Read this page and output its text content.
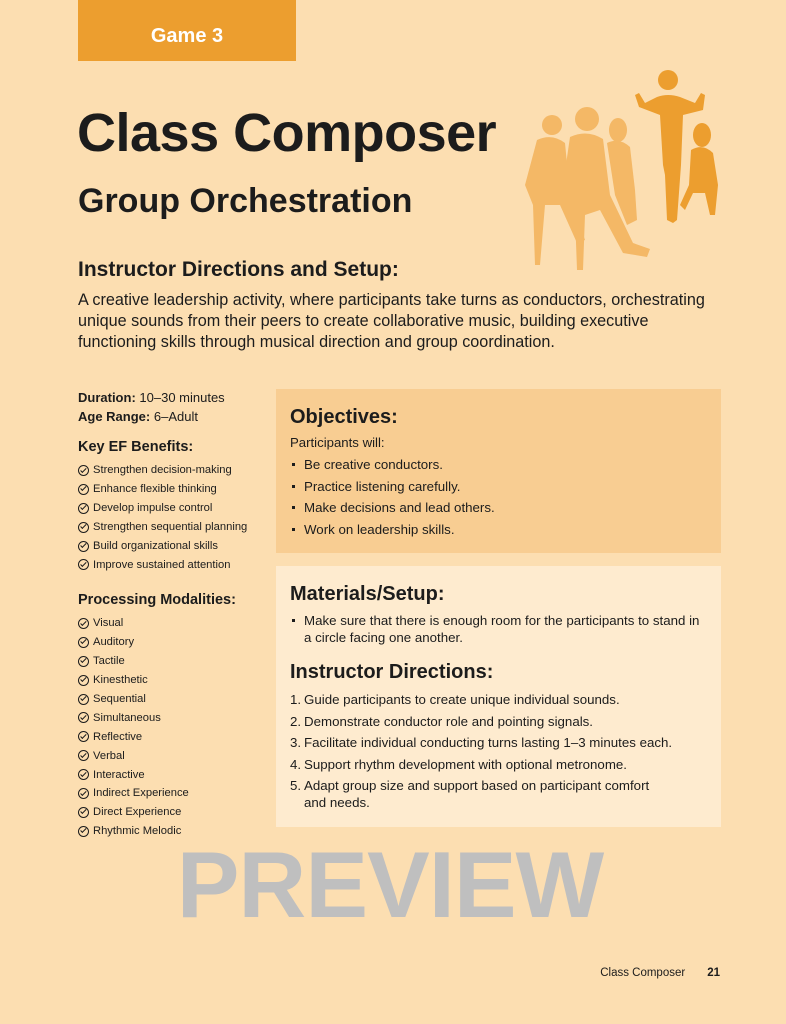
Game 3
Class Composer
Group Orchestration
Instructor Directions and Setup:

A creative leadership activity, where participants take turns as conductors, orchestrating unique sounds from their peers to create collaborative music, building executive functioning skills through musical direction and group coordination.

Duration: 10–30 minutes
Age Range: 6–Adult
Key EF Benefits:
Strengthen decision-making
Enhance flexible thinking
Develop impulse control
Strengthen sequential planning
Build organizational skills
Improve sustained attention
Processing Modalities:
Visual
Auditory
Tactile
Kinesthetic
Sequential
Simultaneous
Reflective
Verbal
Interactive
Indirect Experience
Direct Experience
Rhythmic Melodic
Objectives:

Participants will:

Be creative conductors.
Practice listening carefully.
Make decisions and lead others.
Work on leadership skills.
Materials/Setup:
Make sure that there is enough room for the participants to stand in a circle facing one another.
Instructor Directions:
1. Guide participants to create unique individual sounds.
2. Demonstrate conductor role and pointing signals.
3. Facilitate individual conducting turns lasting 1–3 minutes each.
4. Support rhythm development with optional metronome.
5. Adapt group size and support based on participant comfort and needs.
PREVIEW
Class Composer 21
